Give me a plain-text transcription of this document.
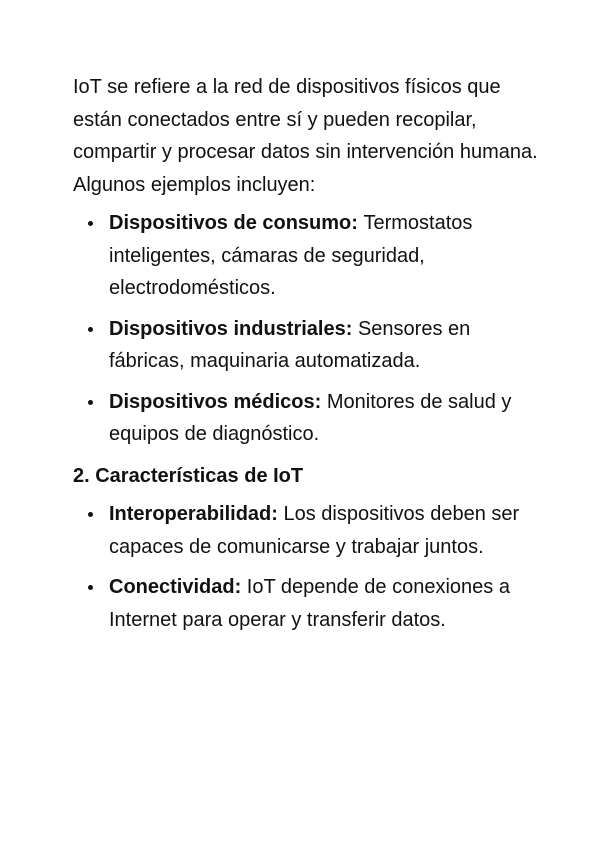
IoT se refiere a la red de dispositivos físicos que están conectados entre sí y pueden recopilar, compartir y procesar datos sin intervención humana. Algunos ejemplos incluyen:

Dispositivos de consumo: Termostatos inteligentes, cámaras de seguridad, electrodomésticos.
Dispositivos industriales: Sensores en fábricas, maquinaria automatizada.
Dispositivos médicos: Monitores de salud y equipos de diagnóstico.
2. Características de IoT
Interoperabilidad: Los dispositivos deben ser capaces de comunicarse y trabajar juntos.
Conectividad: IoT depende de conexiones a Internet para operar y transferir datos.
